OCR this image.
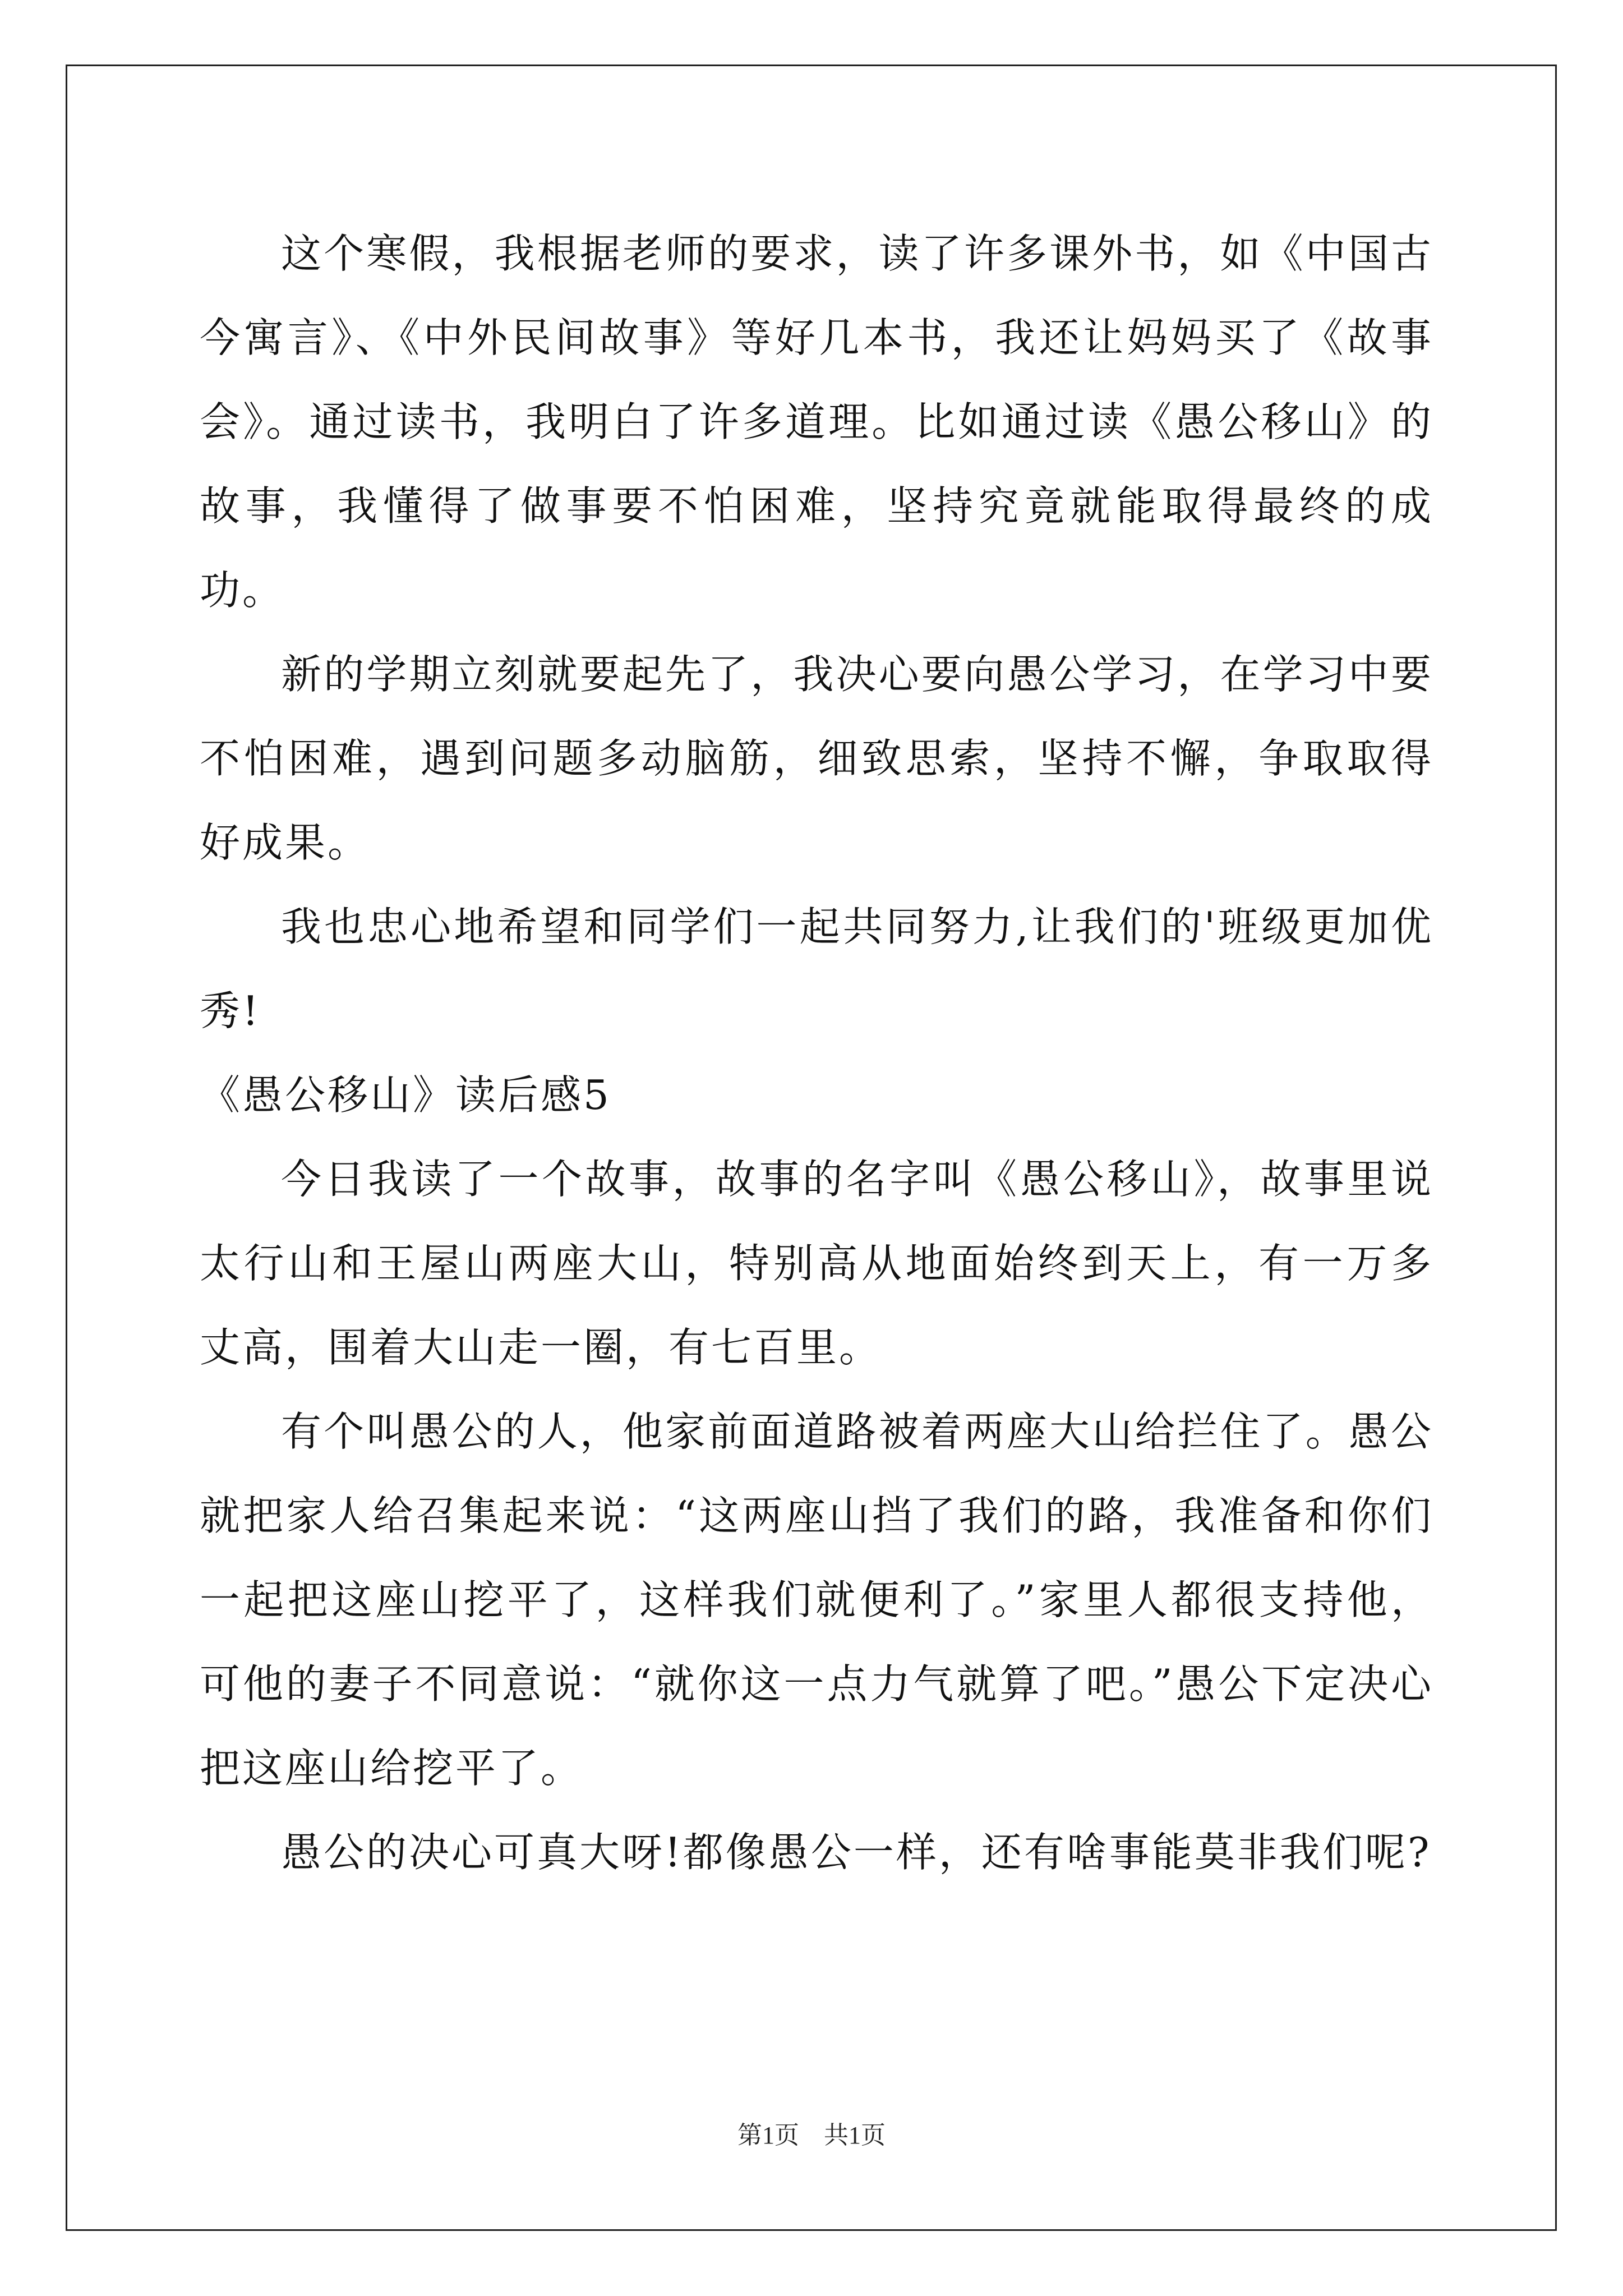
这个寒假，我根据老师的要求，读了许多课外书，如《中国古今寓言》、《中外民间故事》等好几本书，我还让妈妈买了《故事会》。通过读书，我明白了许多道理。比如通过读《愚公移山》的故事，我懂得了做事要不怕困难，坚持究竟就能取得最终的成功。

新的学期立刻就要起先了，我决心要向愚公学习，在学习中要不怕困难，遇到问题多动脑筋，细致思索，坚持不懈，争取取得好成果。

我也忠心地希望和同学们一起共同努力,让我们的'班级更加优秀!

《愚公移山》读后感5

今日我读了一个故事，故事的名字叫《愚公移山》，故事里说太行山和王屋山两座大山，特别高从地面始终到天上，有一万多丈高，围着大山走一圈，有七百里。

有个叫愚公的人，他家前面道路被着两座大山给拦住了。愚公就把家人给召集起来说：“这两座山挡了我们的路，我准备和你们一起把这座山挖平了，这样我们就便利了。”家里人都很支持他，可他的妻子不同意说：“就你这一点力气就算了吧。”愚公下定决心把这座山给挖平了。

愚公的决心可真大呀!都像愚公一样，还有啥事能莫非我们呢?

第1页　共1页
